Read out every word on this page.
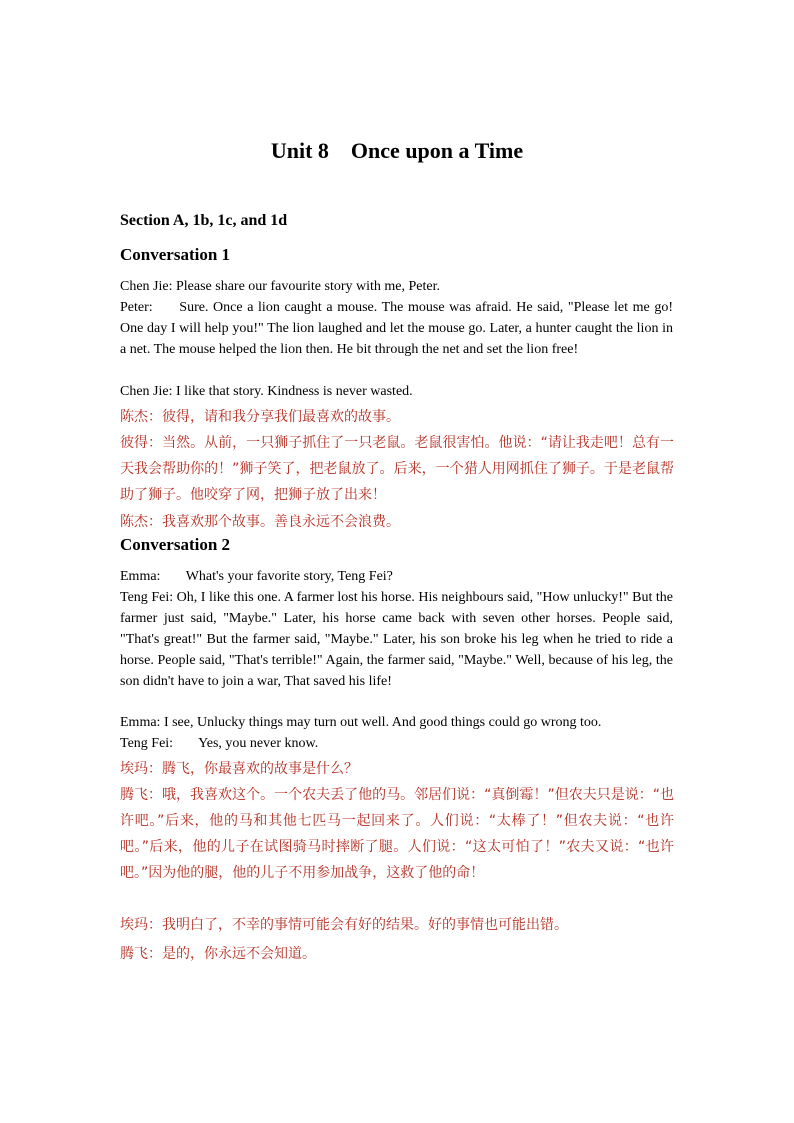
Unit 8    Once upon a Time
Section A, 1b, 1c, and 1d
Conversation 1

Chen Jie: Please share our favourite story with me, Peter.

Peter: Sure. Once a lion caught a mouse. The mouse was afraid. He said, "Please let me go! One day I will help you!" The lion laughed and let the mouse go. Later, a hunter caught the lion in a net. The mouse helped the lion then. He bit through the net and set the lion free!

Chen Jie: I like that story. Kindness is never wasted.

陈杰：彼得，请和我分享我们最喜欢的故事。

彼得：当然。从前，一只狮子抓住了一只老鼠。老鼠很害怕。他说：“请让我走吧！总有一天我会帮助你的！”狮子笑了，把老鼠放了。后来，一个猎人用网抓住了狮子。于是老鼠帮助了狮子。他咬穿了网，把狮子放了出来！

陈杰：我喜欢那个故事。善良永远不会浪费。

Conversation 2

Emma: What's your favorite story, Teng Fei?

Teng Fei: Oh, I like this one. A farmer lost his horse. His neighbours said, "How unlucky!" But the farmer just said, "Maybe." Later, his horse came back with seven other horses. People said, "That's great!" But the farmer said, "Maybe." Later, his son broke his leg when he tried to ride a horse. People said, "That's terrible!" Again, the farmer said, "Maybe." Well, because of his leg, the son didn't have to join a war, That saved his life!

Emma: I see, Unlucky things may turn out well. And good things could go wrong too.

Teng Fei: Yes, you never know.

埃玛：腾飞，你最喜欢的故事是什么？

腾飞：哦，我喜欢这个。一个农夫丢了他的马。邻居们说：“真倒霉！”但农夫只是说：“也许吧。”后来，他的马和其他七匹马一起回来了。人们说：“太棒了！”但农夫说：“也许吧。”后来，他的儿子在试图骑马时摔断了腿。人们说：“这太可怕了！”农夫又说：“也许吧。”因为他的腿，他的儿子不用参加战争，这救了他的命！

埃玛：我明白了，不幸的事情可能会有好的结果。好的事情也可能出错。

腾飞：是的，你永远不会知道。
